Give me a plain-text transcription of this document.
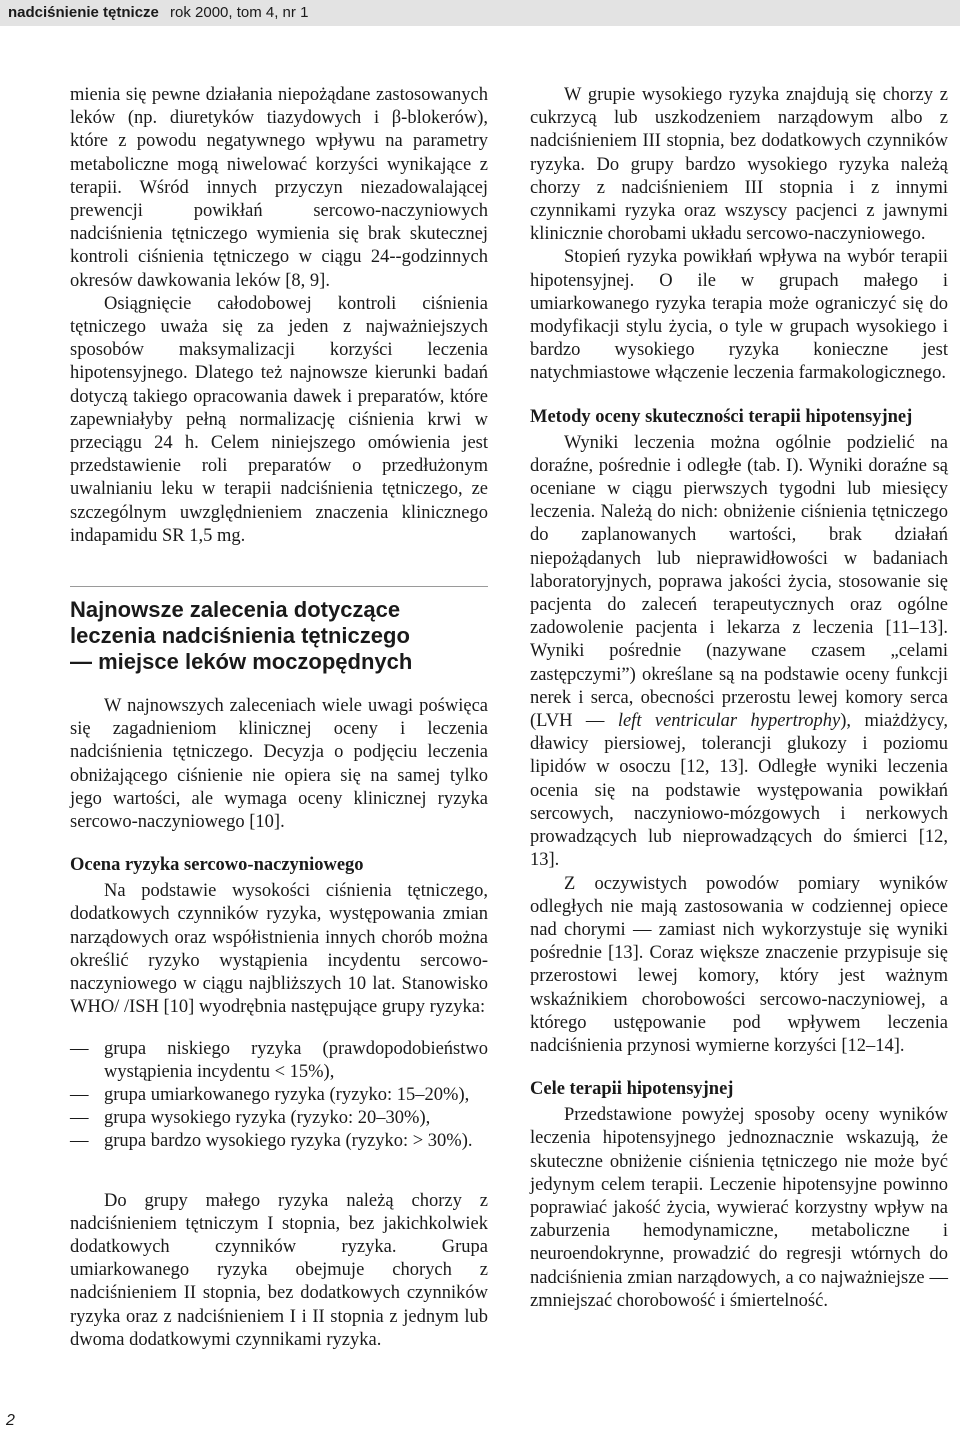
nadciśnienie tętnicze rok 2000, tom 4, nr 1

mienia się pewne działania niepożądane zastosowanych leków (np. diuretyków tiazydowych i β-blokerów), które z powodu negatywnego wpływu na parametry metaboliczne mogą niwelować korzyści wynikające z terapii. Wśród innych przyczyn niezadowalającej prewencji powikłań sercowo-naczyniowych nadciśnienia tętniczego wymienia się brak skutecznej kontroli ciśnienia tętniczego w ciągu 24--godzinnych okresów dawkowania leków [8, 9].

Osiągnięcie całodobowej kontroli ciśnienia tętniczego uważa się za jeden z najważniejszych sposobów maksymalizacji korzyści leczenia hipotensyjnego. Dlatego też najnowsze kierunki badań dotyczą takiego opracowania dawek i preparatów, które zapewniałyby pełną normalizację ciśnienia krwi w przeciągu 24 h. Celem niniejszego omówienia jest przedstawienie roli preparatów o przedłużonym uwalnianiu leku w terapii nadciśnienia tętniczego, ze szczególnym uwzględnieniem znaczenia klinicznego indapamidu SR 1,5 mg.

Najnowsze zalecenia dotyczące
leczenia nadciśnienia tętniczego
— miejsce leków moczopędnych

W najnowszych zaleceniach wiele uwagi poświęca się zagadnieniom klinicznej oceny i leczenia nadciśnienia tętniczego. Decyzja o podjęciu leczenia obniżającego ciśnienie nie opiera się na samej tylko jego wartości, ale wymaga oceny klinicznej ryzyka sercowo-naczyniowego [10].

Ocena ryzyka sercowo-naczyniowego

Na podstawie wysokości ciśnienia tętniczego, dodatkowych czynników ryzyka, występowania zmian narządowych oraz współistnienia innych chorób można określić ryzyko wystąpienia incydentu sercowo-naczyniowego w ciągu najbliższych 10 lat. Stanowisko WHO/ /ISH [10] wyodrębnia następujące grupy ryzyka:

— grupa niskiego ryzyka (prawdopodobieństwo wystąpienia incydentu < 15%),
— grupa umiarkowanego ryzyka (ryzyko: 15–20%),
— grupa wysokiego ryzyka (ryzyko: 20–30%),
— grupa bardzo wysokiego ryzyka (ryzyko: > 30%).

Do grupy małego ryzyka należą chorzy z nadciśnieniem tętniczym I stopnia, bez jakichkolwiek dodatkowych czynników ryzyka. Grupa umiarkowanego ryzyka obejmuje chorych z nadciśnieniem II stopnia, bez dodatkowych czynników ryzyka oraz z nadciśnieniem I i II stopnia z jednym lub dwoma dodatkowymi czynnikami ryzyka.

W grupie wysokiego ryzyka znajdują się chorzy z cukrzycą lub uszkodzeniem narządowym albo z nadciśnieniem III stopnia, bez dodatkowych czynników ryzyka. Do grupy bardzo wysokiego ryzyka należą chorzy z nadciśnieniem III stopnia i z innymi czynnikami ryzyka oraz wszyscy pacjenci z jawnymi klinicznie chorobami układu sercowo-naczyniowego.

Stopień ryzyka powikłań wpływa na wybór terapii hipotensyjnej. O ile w grupach małego i umiarkowanego ryzyka terapia może ograniczyć się do modyfikacji stylu życia, o tyle w grupach wysokiego i bardzo wysokiego ryzyka konieczne jest natychmiastowe włączenie leczenia farmakologicznego.

Metody oceny skuteczności terapii hipotensyjnej

Wyniki leczenia można ogólnie podzielić na doraźne, pośrednie i odległe (tab. I). Wyniki doraźne są oceniane w ciągu pierwszych tygodni lub miesięcy leczenia. Należą do nich: obniżenie ciśnienia tętniczego do zaplanowanych wartości, brak działań niepożądanych lub nieprawidłowości w badaniach laboratoryjnych, poprawa jakości życia, stosowanie się pacjenta do zaleceń terapeutycznych oraz ogólne zadowolenie pacjenta i lekarza z leczenia [11–13]. Wyniki pośrednie (nazywane czasem „celami zastępczymi”) określane są na podstawie oceny funkcji nerek i serca, obecności przerostu lewej komory serca (LVH — left ventricular hypertrophy), miażdżycy, dławicy piersiowej, tolerancji glukozy i poziomu lipidów w osoczu [12, 13]. Odległe wyniki leczenia ocenia się na podstawie występowania powikłań sercowych, naczyniowo-mózgowych i nerkowych prowadzących lub nieprowadzących do śmierci [12, 13].

Z oczywistych powodów pomiary wyników odległych nie mają zastosowania w codziennej opiece nad chorymi — zamiast nich wykorzystuje się wyniki pośrednie [13]. Coraz większe znaczenie przypisuje się przerostowi lewej komory, który jest ważnym wskaźnikiem chorobowości sercowo-naczyniowej, a którego ustępowanie pod wpływem leczenia nadciśnienia przynosi wymierne korzyści [12–14].

Cele terapii hipotensyjnej

Przedstawione powyżej sposoby oceny wyników leczenia hipotensyjnego jednoznacznie wskazują, że skuteczne obniżenie ciśnienia tętniczego nie może być jedynym celem terapii. Leczenie hipotensyjne powinno poprawiać jakość życia, wywierać korzystny wpływ na zaburzenia hemodynamiczne, metaboliczne i neuroendokrynne, prowadzić do regresji wtórnych do nadciśnienia zmian narządowych, a co najważniejsze — zmniejszać chorobowość i śmiertelność.

2
